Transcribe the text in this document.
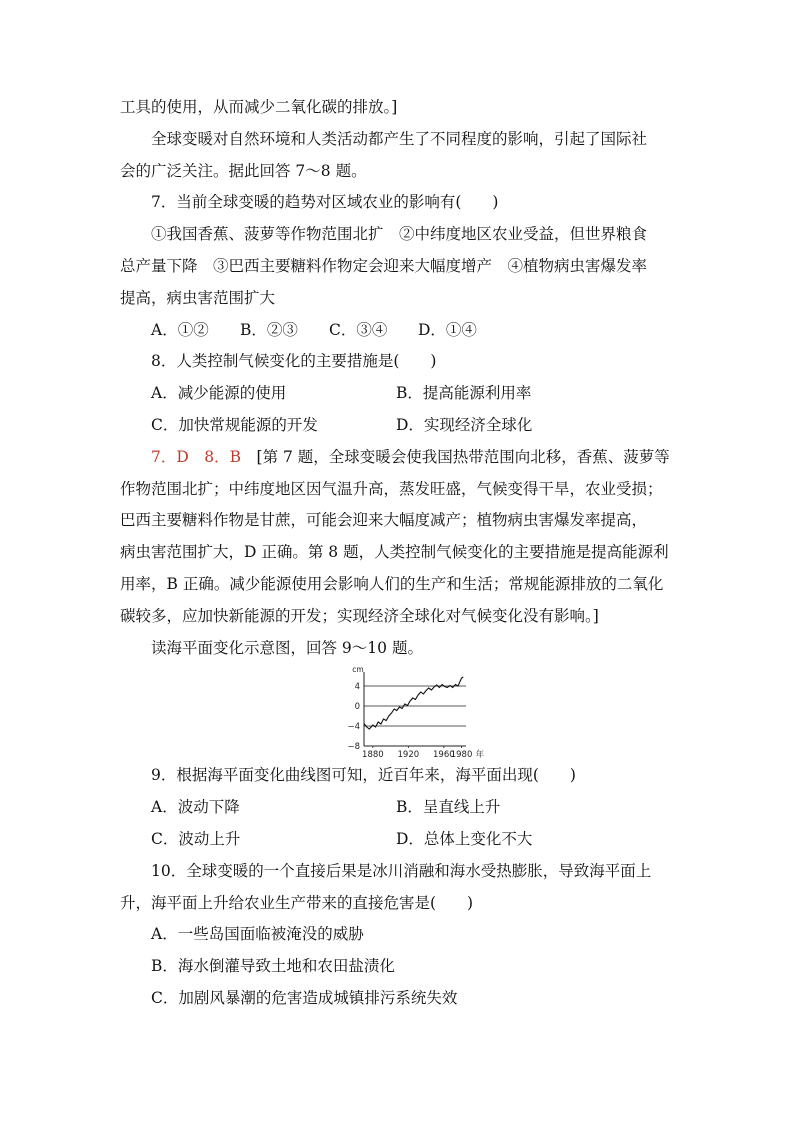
工具的使用，从而减少二氧化碳的排放。]
全球变暖对自然环境和人类活动都产生了不同程度的影响，引起了国际社
会的广泛关注。据此回答 7～8 题。
7．当前全球变暖的趋势对区域农业的影响有(　　)
①我国香蕉、菠萝等作物范围北扩　②中纬度地区农业受益，但世界粮食
总产量下降　③巴西主要糖料作物定会迎来大幅度增产　④植物病虫害爆发率
提高，病虫害范围扩大
A．①②	B．②③	C．③④	D．①④
8．人类控制气候变化的主要措施是(　　)
A．减少能源的使用	B．提高能源利用率
C．加快常规能源的开发	D．实现经济全球化
7．D　8．B　[第 7 题，全球变暖会使我国热带范围向北移，香蕉、菠萝等
作物范围北扩；中纬度地区因气温升高，蒸发旺盛，气候变得干旱，农业受损；
巴西主要糖料作物是甘蔗，可能会迎来大幅度减产；植物病虫害爆发率提高，
病虫害范围扩大，D 正确。第 8 题，人类控制气候变化的主要措施是提高能源利
用率，B 正确。减少能源使用会影响人们的生产和生活；常规能源排放的二氧化
碳较多，应加快新能源的开发；实现经济全球化对气候变化没有影响。]
读海平面变化示意图，回答 9～10 题。
4
0
−4
−8
1880 1920 1960
1980
cm
年
9．根据海平面变化曲线图可知，近百年来，海平面出现(　　)
A．波动下降	B．呈直线上升
C．波动上升	D．总体上变化不大
10．全球变暖的一个直接后果是冰川消融和海水受热膨胀，导致海平面上
升，海平面上升给农业生产带来的直接危害是(　　)
A．一些岛国面临被淹没的威胁
B．海水倒灌导致土地和农田盐渍化
C．加剧风暴潮的危害造成城镇排污系统失效
